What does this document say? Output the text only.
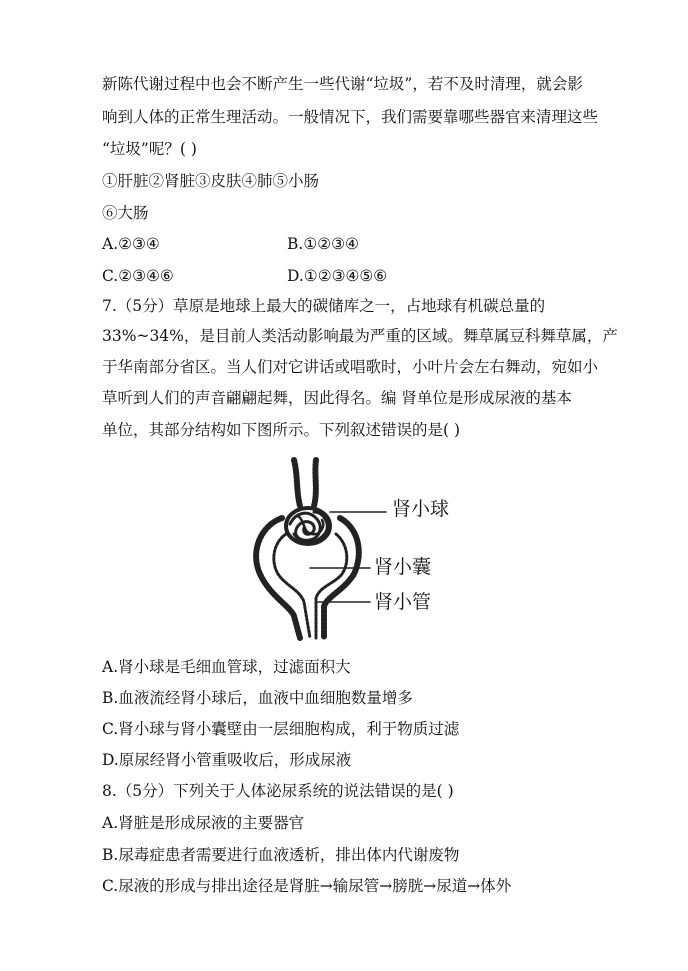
新陈代谢过程中也会不断产生一些代谢“垃圾”，若不及时清理，就会影
响到人体的正常生理活动。一般情况下，我们需要靠哪些器官来清理这些
“垃圾”呢？( )
①肝脏②肾脏③皮肤④肺⑤小肠
⑥大肠
A.②③④	B.①②③④
C.②③④⑥	D.①②③④⑤⑥
7.（5分）草原是地球上最大的碳储库之一，占地球有机碳总量的
33%~34%，是目前人类活动影响最为严重的区域。舞草属豆科舞草属，产
于华南部分省区。当人们对它讲话或唱歌时，小叶片会左右舞动，宛如小
草听到人们的声音翩翩起舞，因此得名。编 肾单位是形成尿液的基本
单位，其部分结构如下图所示。下列叙述错误的是( )
肾小球
肾小囊
肾小管
A.肾小球是毛细血管球，过滤面积大
B.血液流经肾小球后，血液中血细胞数量增多
C.肾小球与肾小囊壁由一层细胞构成，利于物质过滤
D.原尿经肾小管重吸收后，形成尿液
8.（5分）下列关于人体泌尿系统的说法错误的是( )
A.肾脏是形成尿液的主要器官
B.尿毒症患者需要进行血液透析，排出体内代谢废物
C.尿液的形成与排出途径是肾脏→输尿管→膀胱→尿道→体外
